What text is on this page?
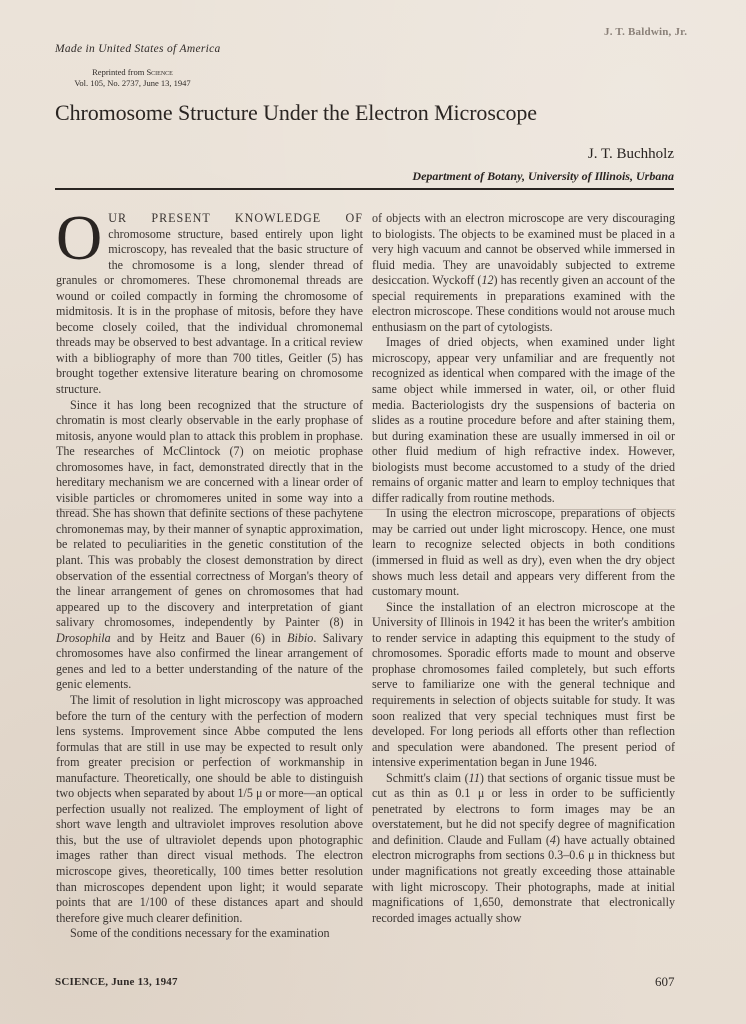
J. T. Baldwin, Jr.
Made in United States of America
Reprinted from Science
Vol. 105, No. 2737, June 13, 1947
Chromosome Structure Under the Electron Microscope
J. T. Buchholz
Department of Botany, University of Illinois, Urbana

OUR PRESENT KNOWLEDGE OF chromosome structure, based entirely upon light microscopy, has revealed that the basic structure of the chromosome is a long, slender thread of granules or chromomeres. These chromonemal threads are wound or coiled compactly in forming the chromosome of midmitosis. It is in the prophase of mitosis, before they have become closely coiled, that the individual chromonemal threads may be observed to best advantage. In a critical review with a bibliography of more than 700 titles, Geitler (5) has brought together extensive literature bearing on chromosome structure.

Since it has long been recognized that the structure of chromatin is most clearly observable in the early prophase of mitosis, anyone would plan to attack this problem in prophase. The researches of McClintock (7) on meiotic prophase chromosomes have, in fact, demonstrated directly that in the hereditary mechanism we are concerned with a linear order of visible particles or chromomeres united in some way into a thread. She has shown that definite sections of these pachytene chromonemas may, by their manner of synaptic approximation, be related to peculiarities in the genetic constitution of the plant. This was probably the closest demonstration by direct observation of the essential correctness of Morgan's theory of the linear arrangement of genes on chromosomes that had appeared up to the discovery and interpretation of giant salivary chromosomes, independently by Painter (8) in Drosophila and by Heitz and Bauer (6) in Bibio. Salivary chromosomes have also confirmed the linear arrangement of genes and led to a better understanding of the nature of the genic elements.

The limit of resolution in light microscopy was approached before the turn of the century with the perfection of modern lens systems. Improvement since Abbe computed the lens formulas that are still in use may be expected to result only from greater precision or perfection of workmanship in manufacture. Theoretically, one should be able to distinguish two objects when separated by about 1/5 μ or more—an optical perfection usually not realized. The employment of light of short wave length and ultraviolet improves resolution above this, but the use of ultraviolet depends upon photographic images rather than direct visual methods. The electron microscope gives, theoretically, 100 times better resolution than microscopes dependent upon light; it would separate points that are 1/100 of these distances apart and should therefore give much clearer definition.

Some of the conditions necessary for the examination

of objects with an electron microscope are very discouraging to biologists. The objects to be examined must be placed in a very high vacuum and cannot be observed while immersed in fluid media. They are unavoidably subjected to extreme desiccation. Wyckoff (12) has recently given an account of the special requirements in preparations examined with the electron microscope. These conditions would not arouse much enthusiasm on the part of cytologists.

Images of dried objects, when examined under light microscopy, appear very unfamiliar and are frequently not recognized as identical when compared with the image of the same object while immersed in water, oil, or other fluid media. Bacteriologists dry the suspensions of bacteria on slides as a routine procedure before and after staining them, but during examination these are usually immersed in oil or other fluid medium of high refractive index. However, biologists must become accustomed to a study of the dried remains of organic matter and learn to employ techniques that differ radically from routine methods.

In using the electron microscope, preparations of objects may be carried out under light microscopy. Hence, one must learn to recognize selected objects in both conditions (immersed in fluid as well as dry), even when the dry object shows much less detail and appears very different from the customary mount.

Since the installation of an electron microscope at the University of Illinois in 1942 it has been the writer's ambition to render service in adapting this equipment to the study of chromosomes. Sporadic efforts made to mount and observe prophase chromosomes failed completely, but such efforts serve to familiarize one with the general technique and requirements in selection of objects suitable for study. It was soon realized that very special techniques must first be developed. For long periods all efforts other than reflection and speculation were abandoned. The present period of intensive experimentation began in June 1946.

Schmitt's claim (11) that sections of organic tissue must be cut as thin as 0.1 μ or less in order to be sufficiently penetrated by electrons to form images may be an overstatement, but he did not specify degree of magnification and definition. Claude and Fullam (4) have actually obtained electron micrographs from sections 0.3–0.6 μ in thickness but under magnifications not greatly exceeding those attainable with light microscopy. Their photographs, made at initial magnifications of 1,650, demonstrate that electronically recorded images actually show

SCIENCE, June 13, 1947	607
